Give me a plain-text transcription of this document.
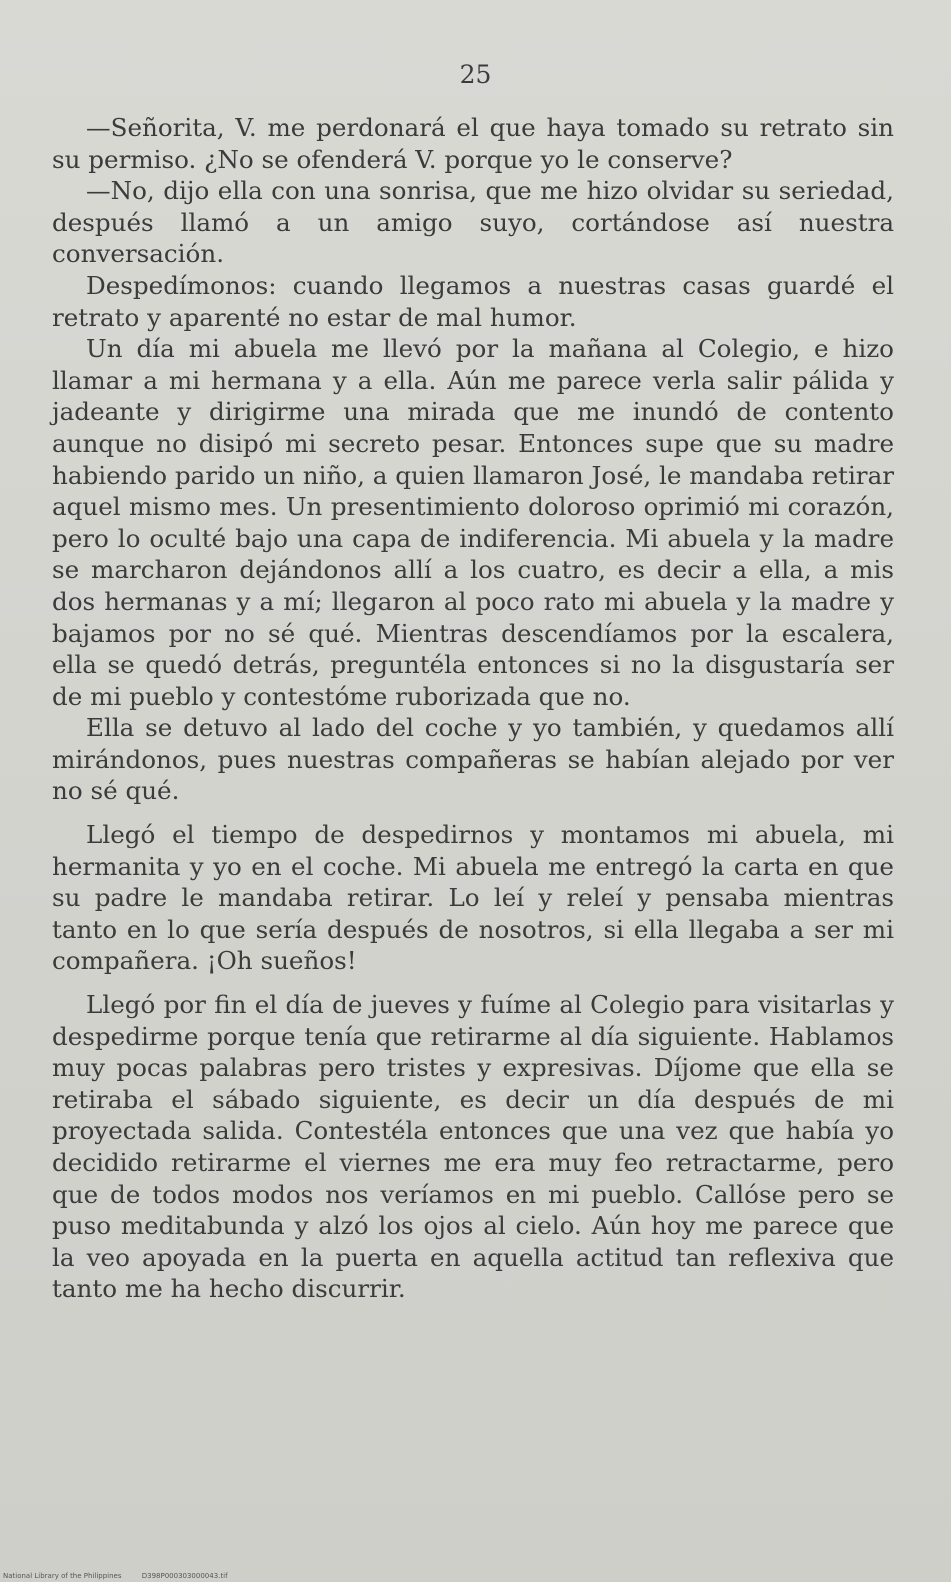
25

—Señorita, V. me perdonará el que haya tomado su retrato sin su permiso. ¿No se ofenderá V. porque yo le conserve?

—No, dijo ella con una sonrisa, que me hizo olvidar su seriedad, después llamó a un amigo suyo, cortándose así nuestra conversación.

Despedímonos: cuando llegamos a nuestras casas guardé el retrato y aparenté no estar de mal humor.

Un día mi abuela me llevó por la mañana al Colegio, e hizo llamar a mi hermana y a ella. Aún me parece verla salir pálida y jadeante y dirigirme una mirada que me inundó de contento aunque no disipó mi secreto pesar. Entonces supe que su madre habiendo parido un niño, a quien llamaron José, le mandaba retirar aquel mismo mes. Un presentimiento doloroso oprimió mi corazón, pero lo oculté bajo una capa de indiferencia. Mi abuela y la madre se marcharon dejándonos allí a los cuatro, es decir a ella, a mis dos hermanas y a mí; llegaron al poco rato mi abuela y la madre y bajamos por no sé qué. Mientras descendíamos por la escalera, ella se quedó detrás, preguntéla entonces si no la disgustaría ser de mi pueblo y contestóme ruborizada que no.

Ella se detuvo al lado del coche y yo también, y quedamos allí mirándonos, pues nuestras compañeras se habían alejado por ver no sé qué.

Llegó el tiempo de despedirnos y montamos mi abuela, mi hermanita y yo en el coche. Mi abuela me entregó la carta en que su padre le mandaba retirar. Lo leí y releí y pensaba mientras tanto en lo que sería después de nosotros, si ella llegaba a ser mi compañera. ¡Oh sueños!

Llegó por fin el día de jueves y fuíme al Colegio para visitarlas y despedirme porque tenía que retirarme al día siguiente. Hablamos muy pocas palabras pero tristes y expresivas. Díjome que ella se retiraba el sábado siguiente, es decir un día después de mi proyectada salida. Contestéla entonces que una vez que había yo decidido retirarme el viernes me era muy feo retractarme, pero que de todos modos nos veríamos en mi pueblo. Callóse pero se puso meditabunda y alzó los ojos al cielo. Aún hoy me parece que la veo apoyada en la puerta en aquella actitud tan reflexiva que tanto me ha hecho discurrir.

National Library of the Philippines	D398P000303000043.tif
